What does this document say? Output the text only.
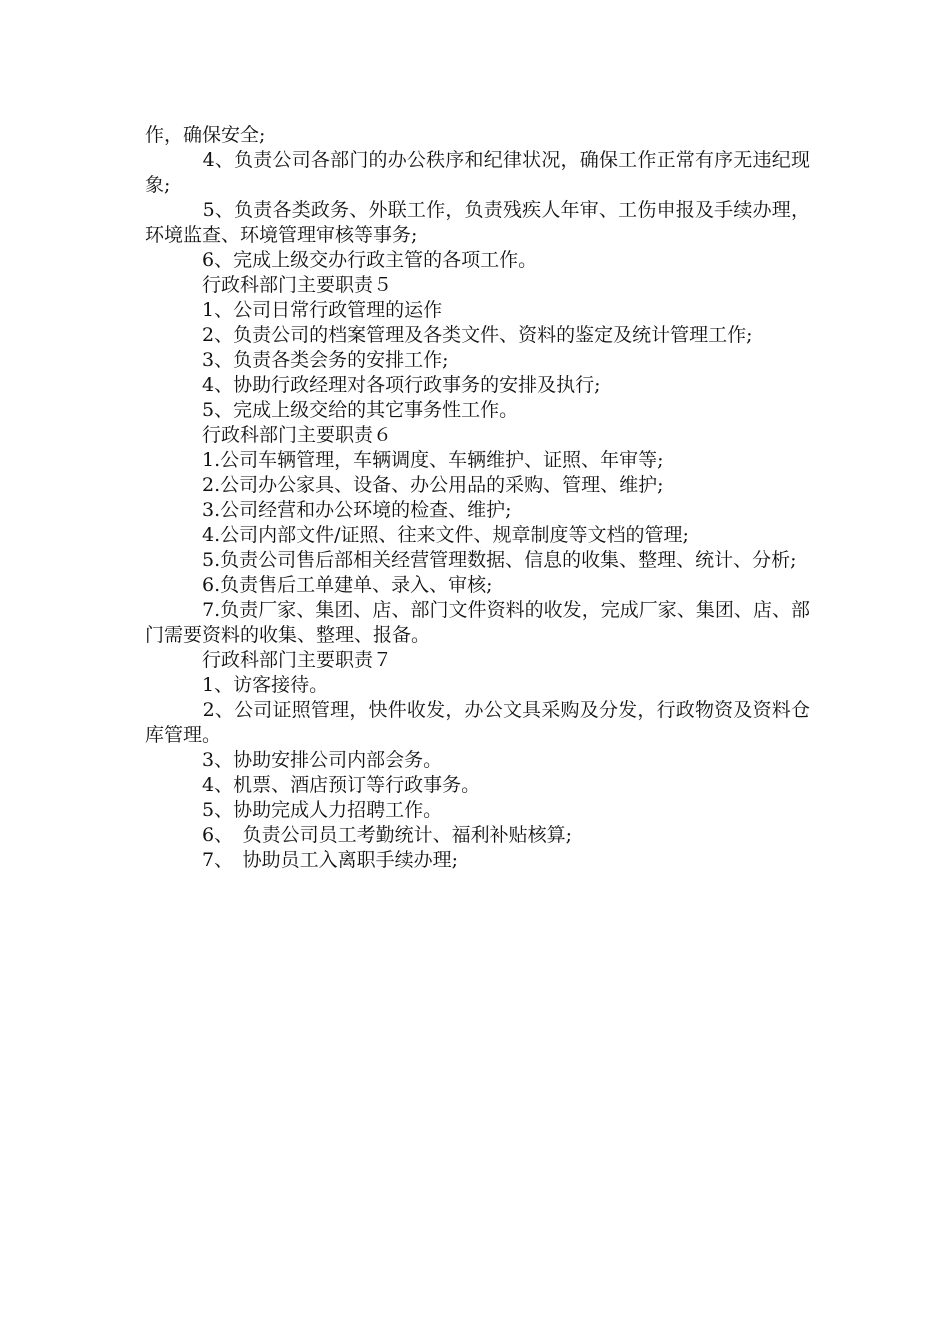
作，确保安全;

　　　4、负责公司各部门的办公秩序和纪律状况，确保工作正常有序无违纪现象;

　　　5、负责各类政务、外联工作，负责残疾人年审、工伤申报及手续办理，环境监查、环境管理审核等事务;

　　　6、完成上级交办行政主管的各项工作。

　　　行政科部门主要职责５

　　　1、公司日常行政管理的运作

　　　2、负责公司的档案管理及各类文件、资料的鉴定及统计管理工作;

　　　3、负责各类会务的安排工作;

　　　4、协助行政经理对各项行政事务的安排及执行;

　　　5、完成上级交给的其它事务性工作。

　　　行政科部门主要职责６

　　　1.公司车辆管理，车辆调度、车辆维护、证照、年审等;

　　　2.公司办公家具、设备、办公用品的采购、管理、维护;

　　　3.公司经营和办公环境的检查、维护;

　　　4.公司内部文件/证照、往来文件、规章制度等文档的管理;

　　　5.负责公司售后部相关经营管理数据、信息的收集、整理、统计、分析;

　　　6.负责售后工单建单、录入、审核;

　　　7.负责厂家、集团、店、部门文件资料的收发，完成厂家、集团、店、部门需要资料的收集、整理、报备。

　　　行政科部门主要职责７

　　　1、访客接待。

　　　2、公司证照管理，快件收发，办公文具采购及分发，行政物资及资料仓库管理。

　　　3、协助安排公司内部会务。

　　　4、机票、酒店预订等行政事务。

　　　5、协助完成人力招聘工作。

　　　6、　负责公司员工考勤统计、福利补贴核算;

　　　7、　协助员工入离职手续办理;
